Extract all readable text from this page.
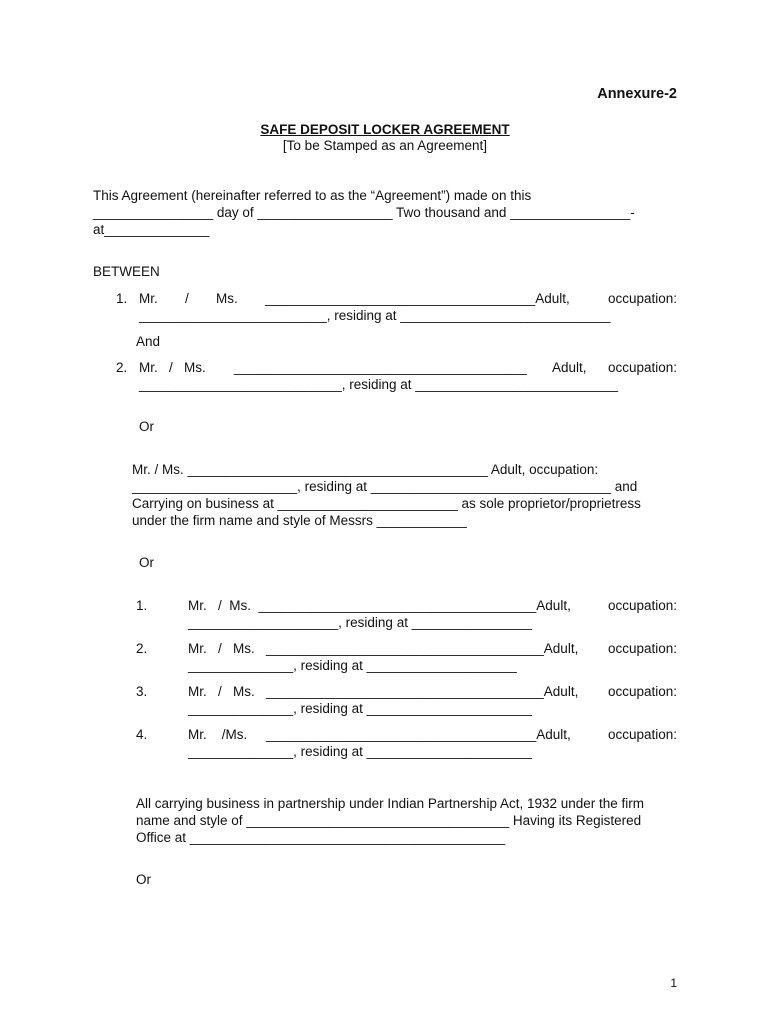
Annexure-2
SAFE DEPOSIT LOCKER AGREEMENT
[To be Stamped as an Agreement]
This Agreement (hereinafter referred to as the “Agreement”) made on this
________________ day of __________________ Two thousand and ________________-
at______________
BETWEEN
1. Mr. / Ms. ____________________________________Adult,	occupation:
_________________________, residing at ____________________________
And
2. Mr.   /   Ms. _______________________________________ Adult, occupation:
___________________________, residing at ___________________________
Or
Mr. / Ms. ________________________________________ Adult, occupation:
______________________, residing at ________________________________ and
Carrying on business at ________________________ as sole proprietor/proprietress
under the firm name and style of Messrs ____________
Or
1.	Mr.   /  Ms.  _____________________________________Adult,	occupation:
____________________, residing at ________________
2.	Mr.   /   Ms.   _____________________________________Adult, occupation:
______________, residing at ____________________
3.	Mr.   /   Ms.   _____________________________________Adult, occupation:
______________, residing at ______________________
4.	Mr.    /Ms.     ____________________________________Adult,	occupation:
______________, residing at ______________________
All carrying business in partnership under Indian Partnership Act, 1932 under the firm
name and style of ___________________________________ Having its Registered
Office at __________________________________________
Or
1
